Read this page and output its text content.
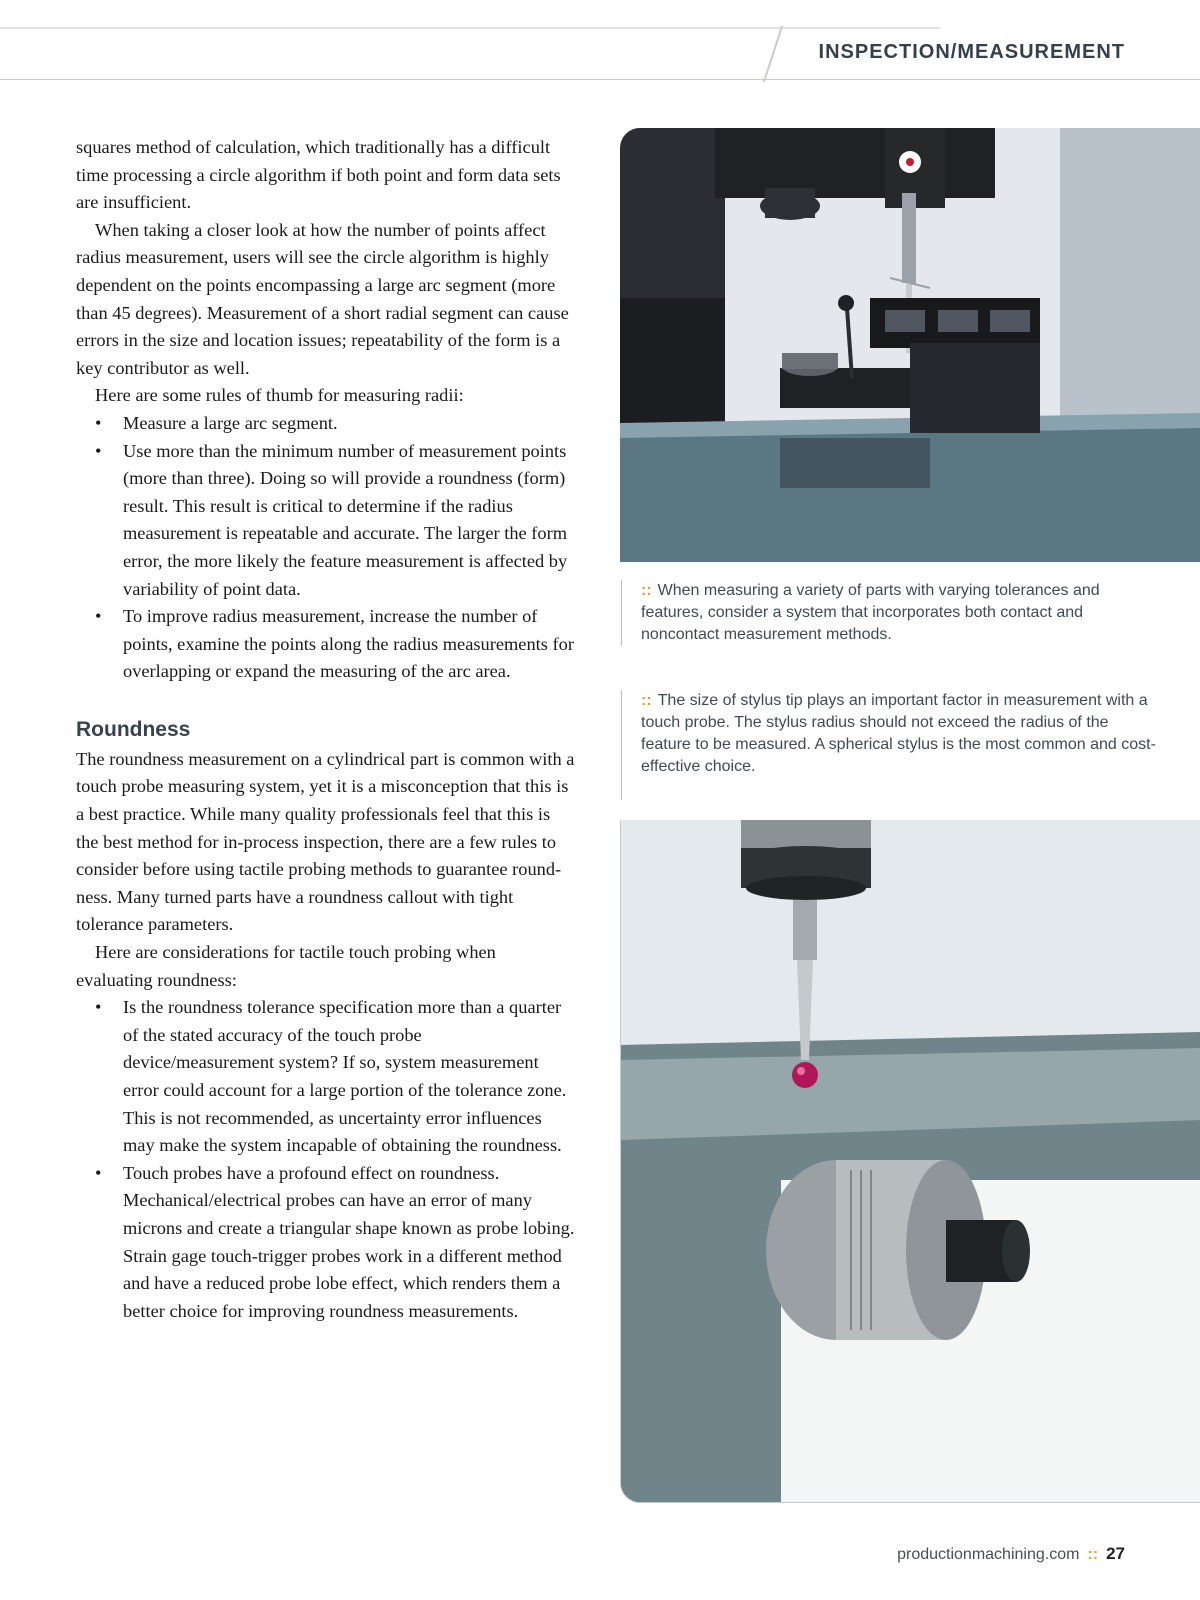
INSPECTION/MEASUREMENT

squares method of calculation, which traditionally has a difficult time processing a circle algorithm if both point and form data sets are insufficient.

When taking a closer look at how the number of points affect radius measurement, users will see the circle algorithm is highly dependent on the points encompassing a large arc segment (more than 45 degrees). Measurement of a short radial segment can cause errors in the size and location issues; repeatability of the form is a key contributor as well.

Here are some rules of thumb for measuring radii:

• Measure a large arc segment.
• Use more than the minimum number of measurement points (more than three). Doing so will provide a roundness (form) result. This result is critical to determine if the radius measurement is repeatable and accurate. The larger the form error, the more likely the feature measurement is affected by variability of point data.
• To improve radius measurement, increase the number of points, examine the points along the radius measurements for overlapping or expand the measuring of the arc area.
Roundness

The roundness measurement on a cylindrical part is common with a touch probe measuring system, yet it is a misconception that this is a best practice. While many quality professionals feel that this is the best method for in-process inspection, there are a few rules to consider before using tactile probing methods to guarantee roundness. Many turned parts have a roundness callout with tight tolerance parameters.

Here are considerations for tactile touch probing when evaluating roundness:

• Is the roundness tolerance specification more than a quarter of the stated accuracy of the touch probe device/measurement system? If so, system measurement error could account for a large portion of the tolerance zone. This is not recommended, as uncertainty error influences may make the system incapable of obtaining the roundness.
• Touch probes have a profound effect on roundness. Mechanical/electrical probes can have an error of many microns and create a triangular shape known as probe lobing. Strain gage touch-trigger probes work in a different method and have a reduced probe lobe effect, which renders them a better choice for improving roundness measurements.
:: When measuring a variety of parts with varying tolerances and features, consider a system that incorporates both contact and noncontact measurement methods.
:: The size of stylus tip plays an important factor in measurement with a touch probe. The stylus radius should not exceed the radius of the feature to be measured. A spherical stylus is the most common and cost-effective choice.
productionmachining.com :: 27
